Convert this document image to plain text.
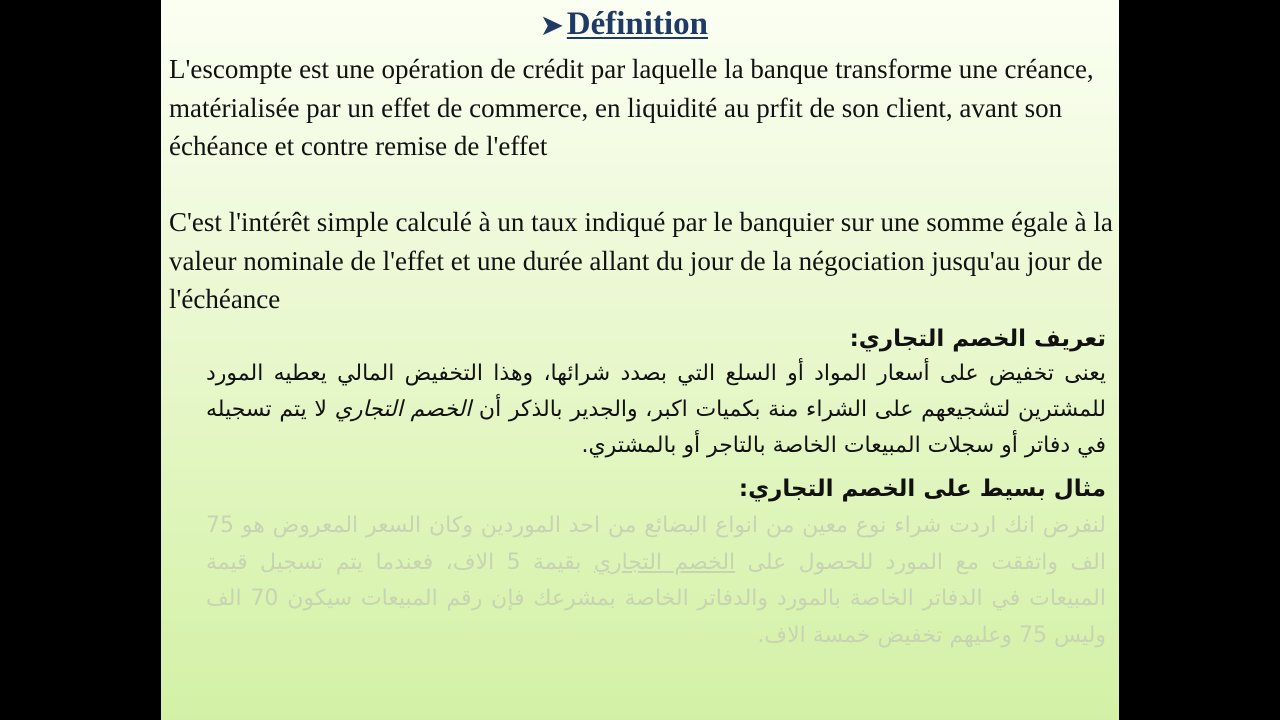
➤ Définition

L'escompte est une opération de crédit par laquelle la banque transforme une créance, matérialisée par un effet de commerce, en liquidité au prfit de son client, avant son échéance et contre remise de l'effet

C'est l'intérêt simple calculé à un taux indiqué par le banquier sur une somme égale à la valeur nominale de l'effet et une durée allant du jour de la négociation jusqu'au jour de l'échéance

تعريف الخصم التجاري:

يعنى تخفيض على أسعار المواد أو السلع التي بصدد شرائها، وهذا التخفيض المالي يعطيه المورد للمشترين لتشجيعهم على الشراء منة بكميات اكبر، والجدير بالذكر أن الخصم التجاري لا يتم تسجيله في دفاتر أو سجلات المبيعات الخاصة بالتاجر أو بالمشتري.

مثال بسيط على الخصم التجاري:

لنفرض انك اردت شراء نوع معين من انواع البضائع من احد الموردين وكان السعر المعروض هو 75 الف واتفقت مع المورد للحصول على الخصم التجاري بقيمة 5 الاف، فعندما يتم تسجيل قيمة المبيعات في الدفاتر الخاصة بالمورد والدفاتر الخاصة بمشرعك فإن رقم المبيعات سيكون 70 الف وليس 75 وعليهم تخفيض خمسة الاف.
